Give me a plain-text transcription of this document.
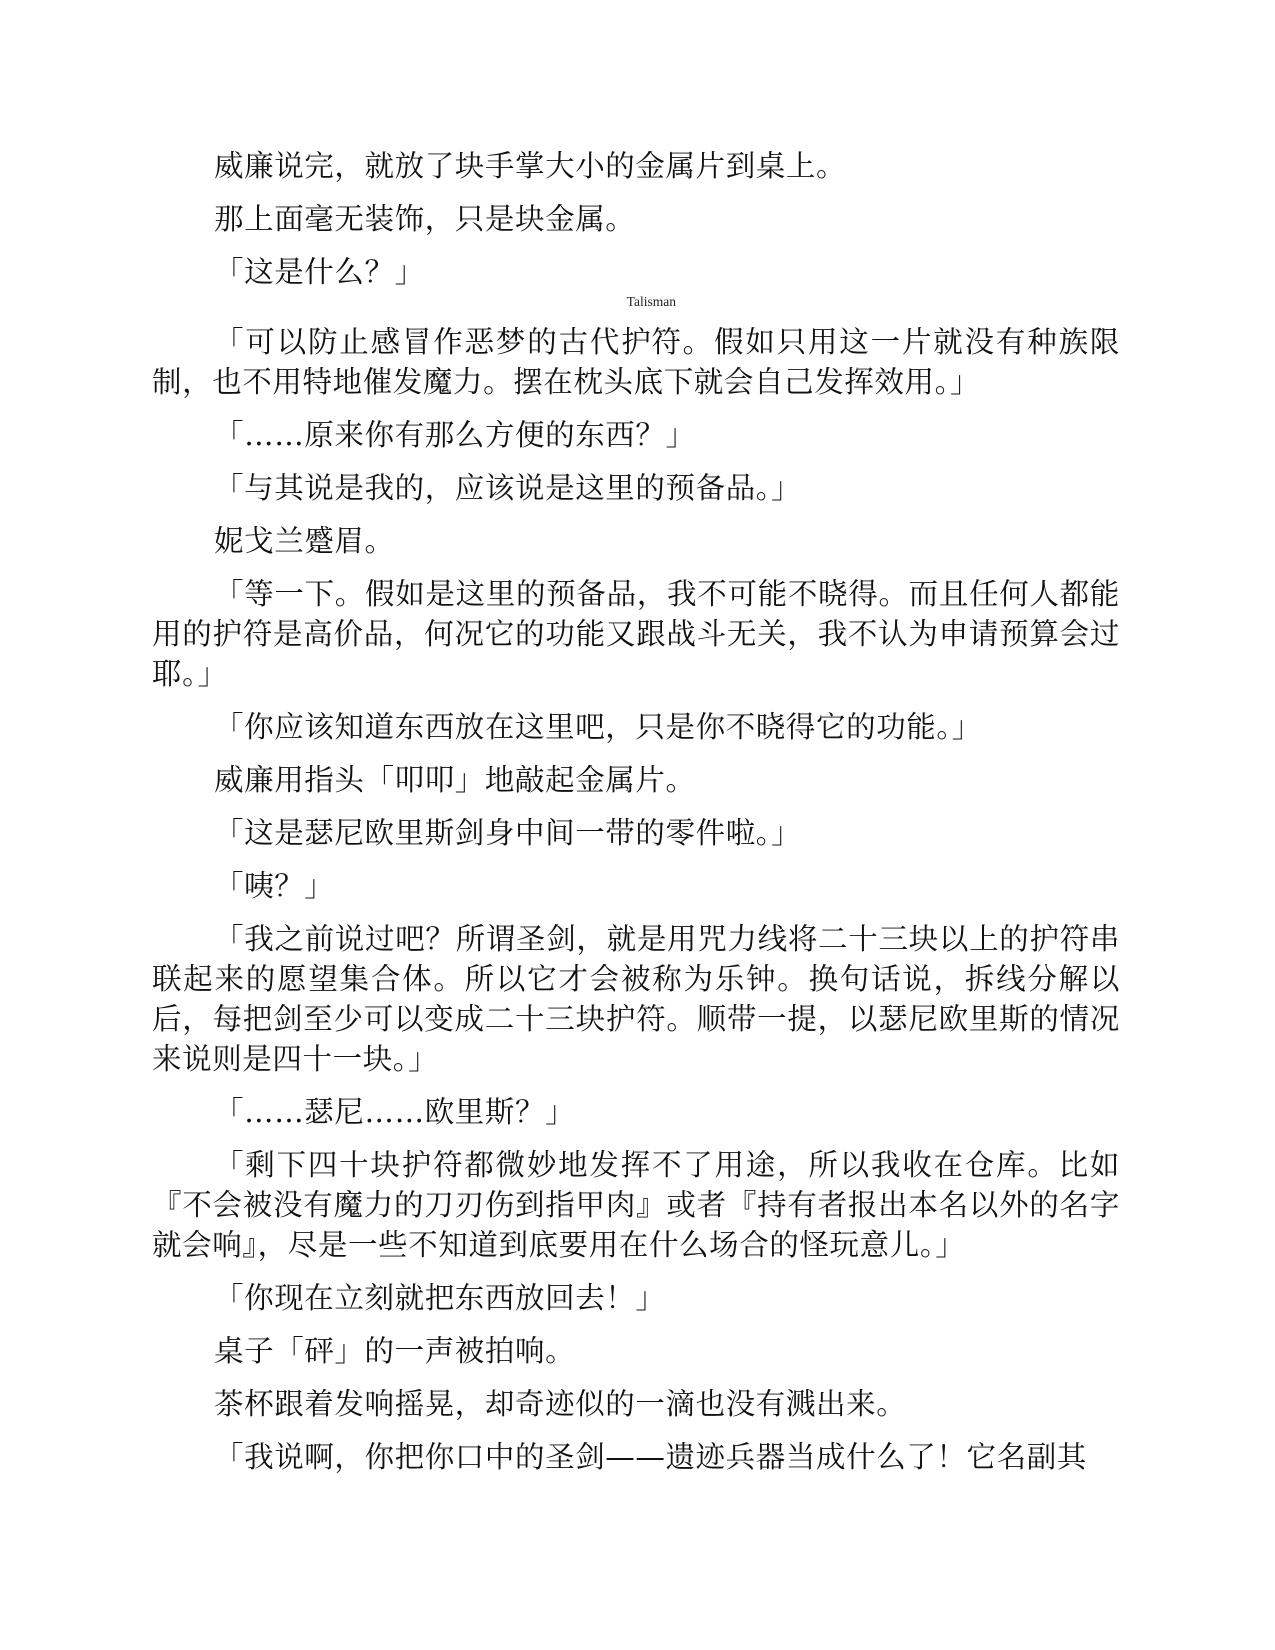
威廉说完，就放了块手掌大小的金属片到桌上。

那上面毫无装饰，只是块金属。

「这是什么？」

「可以防止感冒作恶梦的古代
Talisman
护符。假如只用这一片就没有种族限制，也不用特地催发魔力。摆在枕头底下就会自己发挥效用。」

「……原来你有那么方便的东西？」

「与其说是我的，应该说是这里的预备品。」

妮戈兰蹙眉。

「等一下。假如是这里的预备品，我不可能不晓得。而且任何人都能用的护符是高价品，何况它的功能又跟战斗无关，我不认为申请预算会过耶。」

「你应该知道东西放在这里吧，只是你不晓得它的功能。」

威廉用指头「叩叩」地敲起金属片。

「这是瑟尼欧里斯剑身中间一带的零件啦。」

「咦？」

「我之前说过吧？所谓圣剑，就是用咒力线将二十三块以上的护符串联起来的愿望集合体。所以它才会被称为乐钟。换句话说，拆线分解以后，每把剑至少可以变成二十三块护符。顺带一提，以瑟尼欧里斯的情况来说则是四十一块。」

「……瑟尼……欧里斯？」

「剩下四十块护符都微妙地发挥不了用途，所以我收在仓库。比如『不会被没有魔力的刀刃伤到指甲肉』或者『持有者报出本名以外的名字就会响』，尽是一些不知道到底要用在什么场合的怪玩意儿。」

「你现在立刻就把东西放回去！」

桌子「砰」的一声被拍响。

茶杯跟着发响摇晃，却奇迹似的一滴也没有溅出来。

「我说啊，你把你口中的圣剑——遗迹兵器当成什么了！它名副其
